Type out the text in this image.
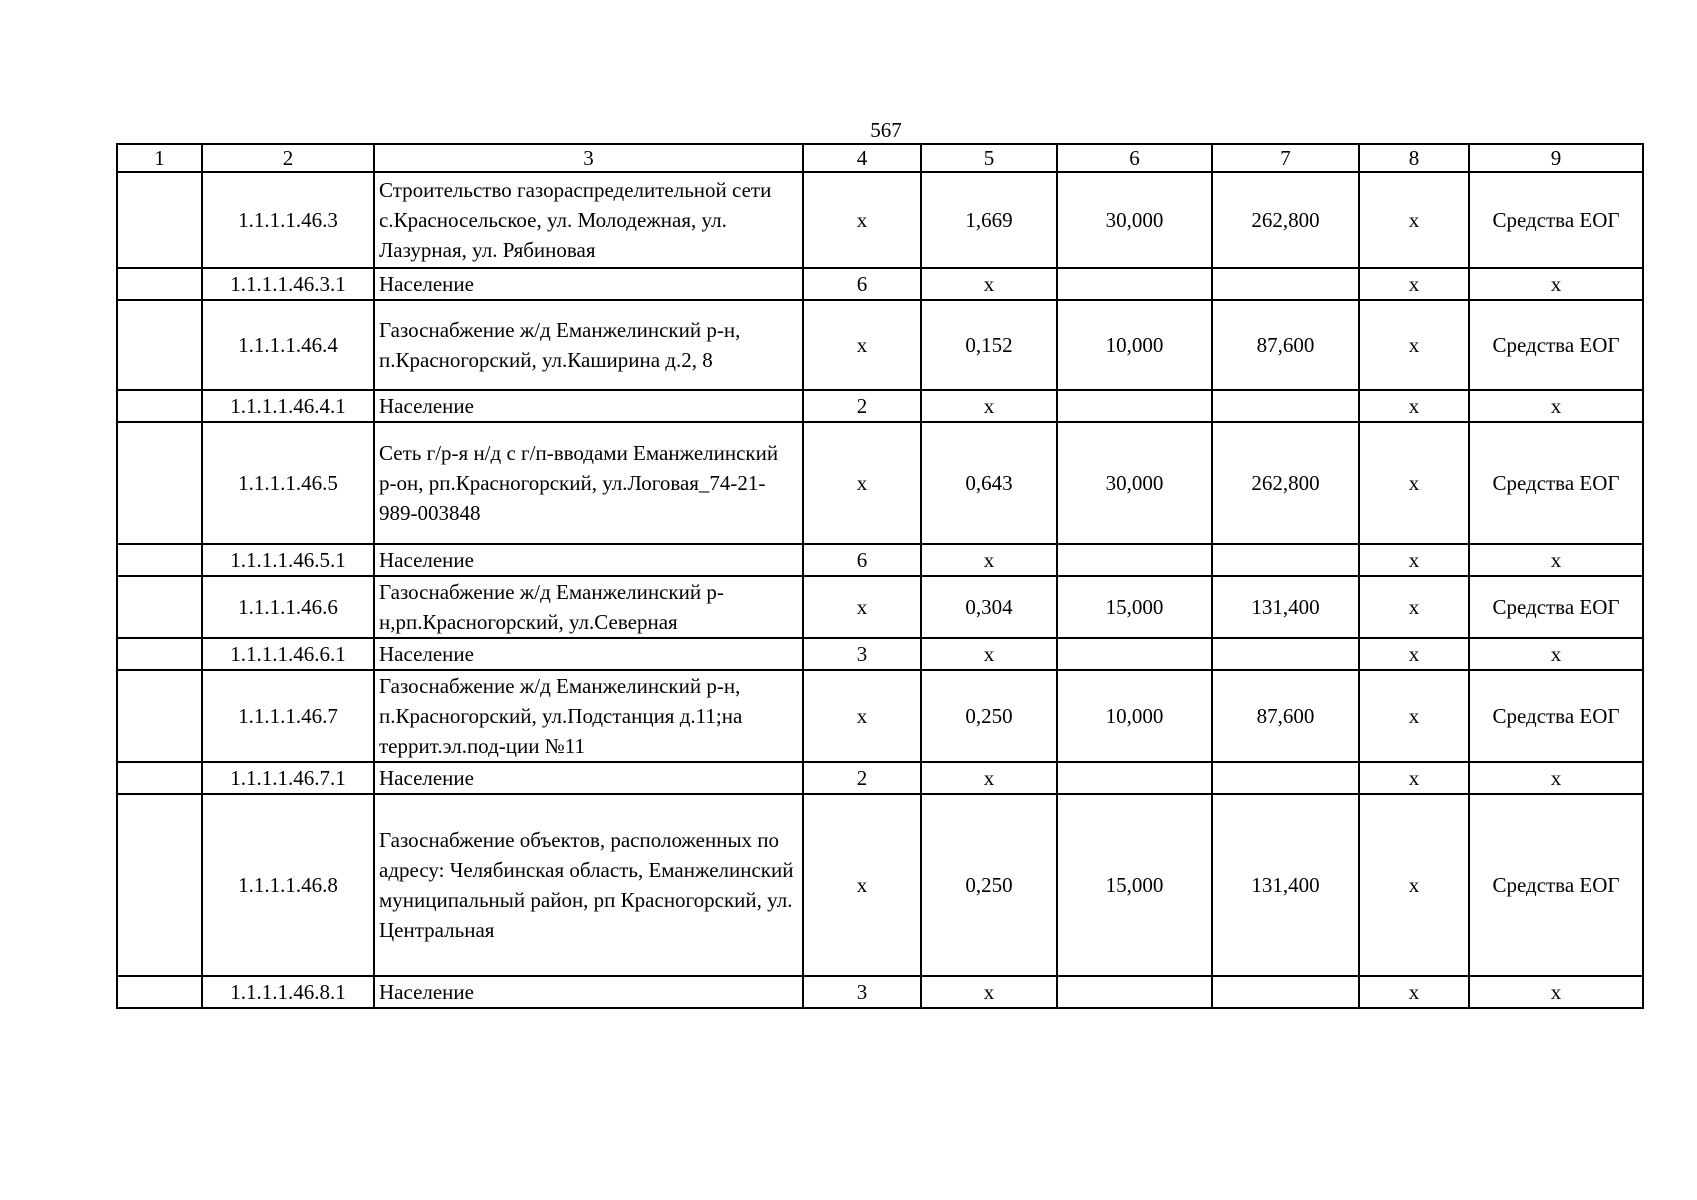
567
1	2	3	4	5	6	7	8	9
	1.1.1.1.46.3	Строительство газораспределительной сети с.Красносельское, ул. Молодежная, ул. Лазурная, ул. Рябиновая	х	1,669	30,000	262,800	х	Средства ЕОГ
	1.1.1.1.46.3.1	Население	6	х			х	х
	1.1.1.1.46.4	Газоснабжение ж/д Еманжелинский р-н, п.Красногорский, ул.Каширина д.2, 8	х	0,152	10,000	87,600	х	Средства ЕОГ
	1.1.1.1.46.4.1	Население	2	х			х	х
	1.1.1.1.46.5	Сеть г/р-я н/д с г/п-вводами Еманжелинский р-он, рп.Красногорский, ул.Логовая_74-21-989-003848	х	0,643	30,000	262,800	х	Средства ЕОГ
	1.1.1.1.46.5.1	Население	6	х			х	х
	1.1.1.1.46.6	Газоснабжение ж/д Еманжелинский р-н,рп.Красногорский, ул.Северная	х	0,304	15,000	131,400	х	Средства ЕОГ
	1.1.1.1.46.6.1	Население	3	х			х	х
	1.1.1.1.46.7	Газоснабжение ж/д Еманжелинский р-н, п.Красногорский, ул.Подстанция д.11;на террит.эл.под-ции №11	х	0,250	10,000	87,600	х	Средства ЕОГ
	1.1.1.1.46.7.1	Население	2	х			х	х
	1.1.1.1.46.8	Газоснабжение объектов, расположенных по адресу: Челябинская область, Еманжелинский муниципальный район, рп Красногорский, ул. Центральная	х	0,250	15,000	131,400	х	Средства ЕОГ
	1.1.1.1.46.8.1	Население	3	х			х	х
